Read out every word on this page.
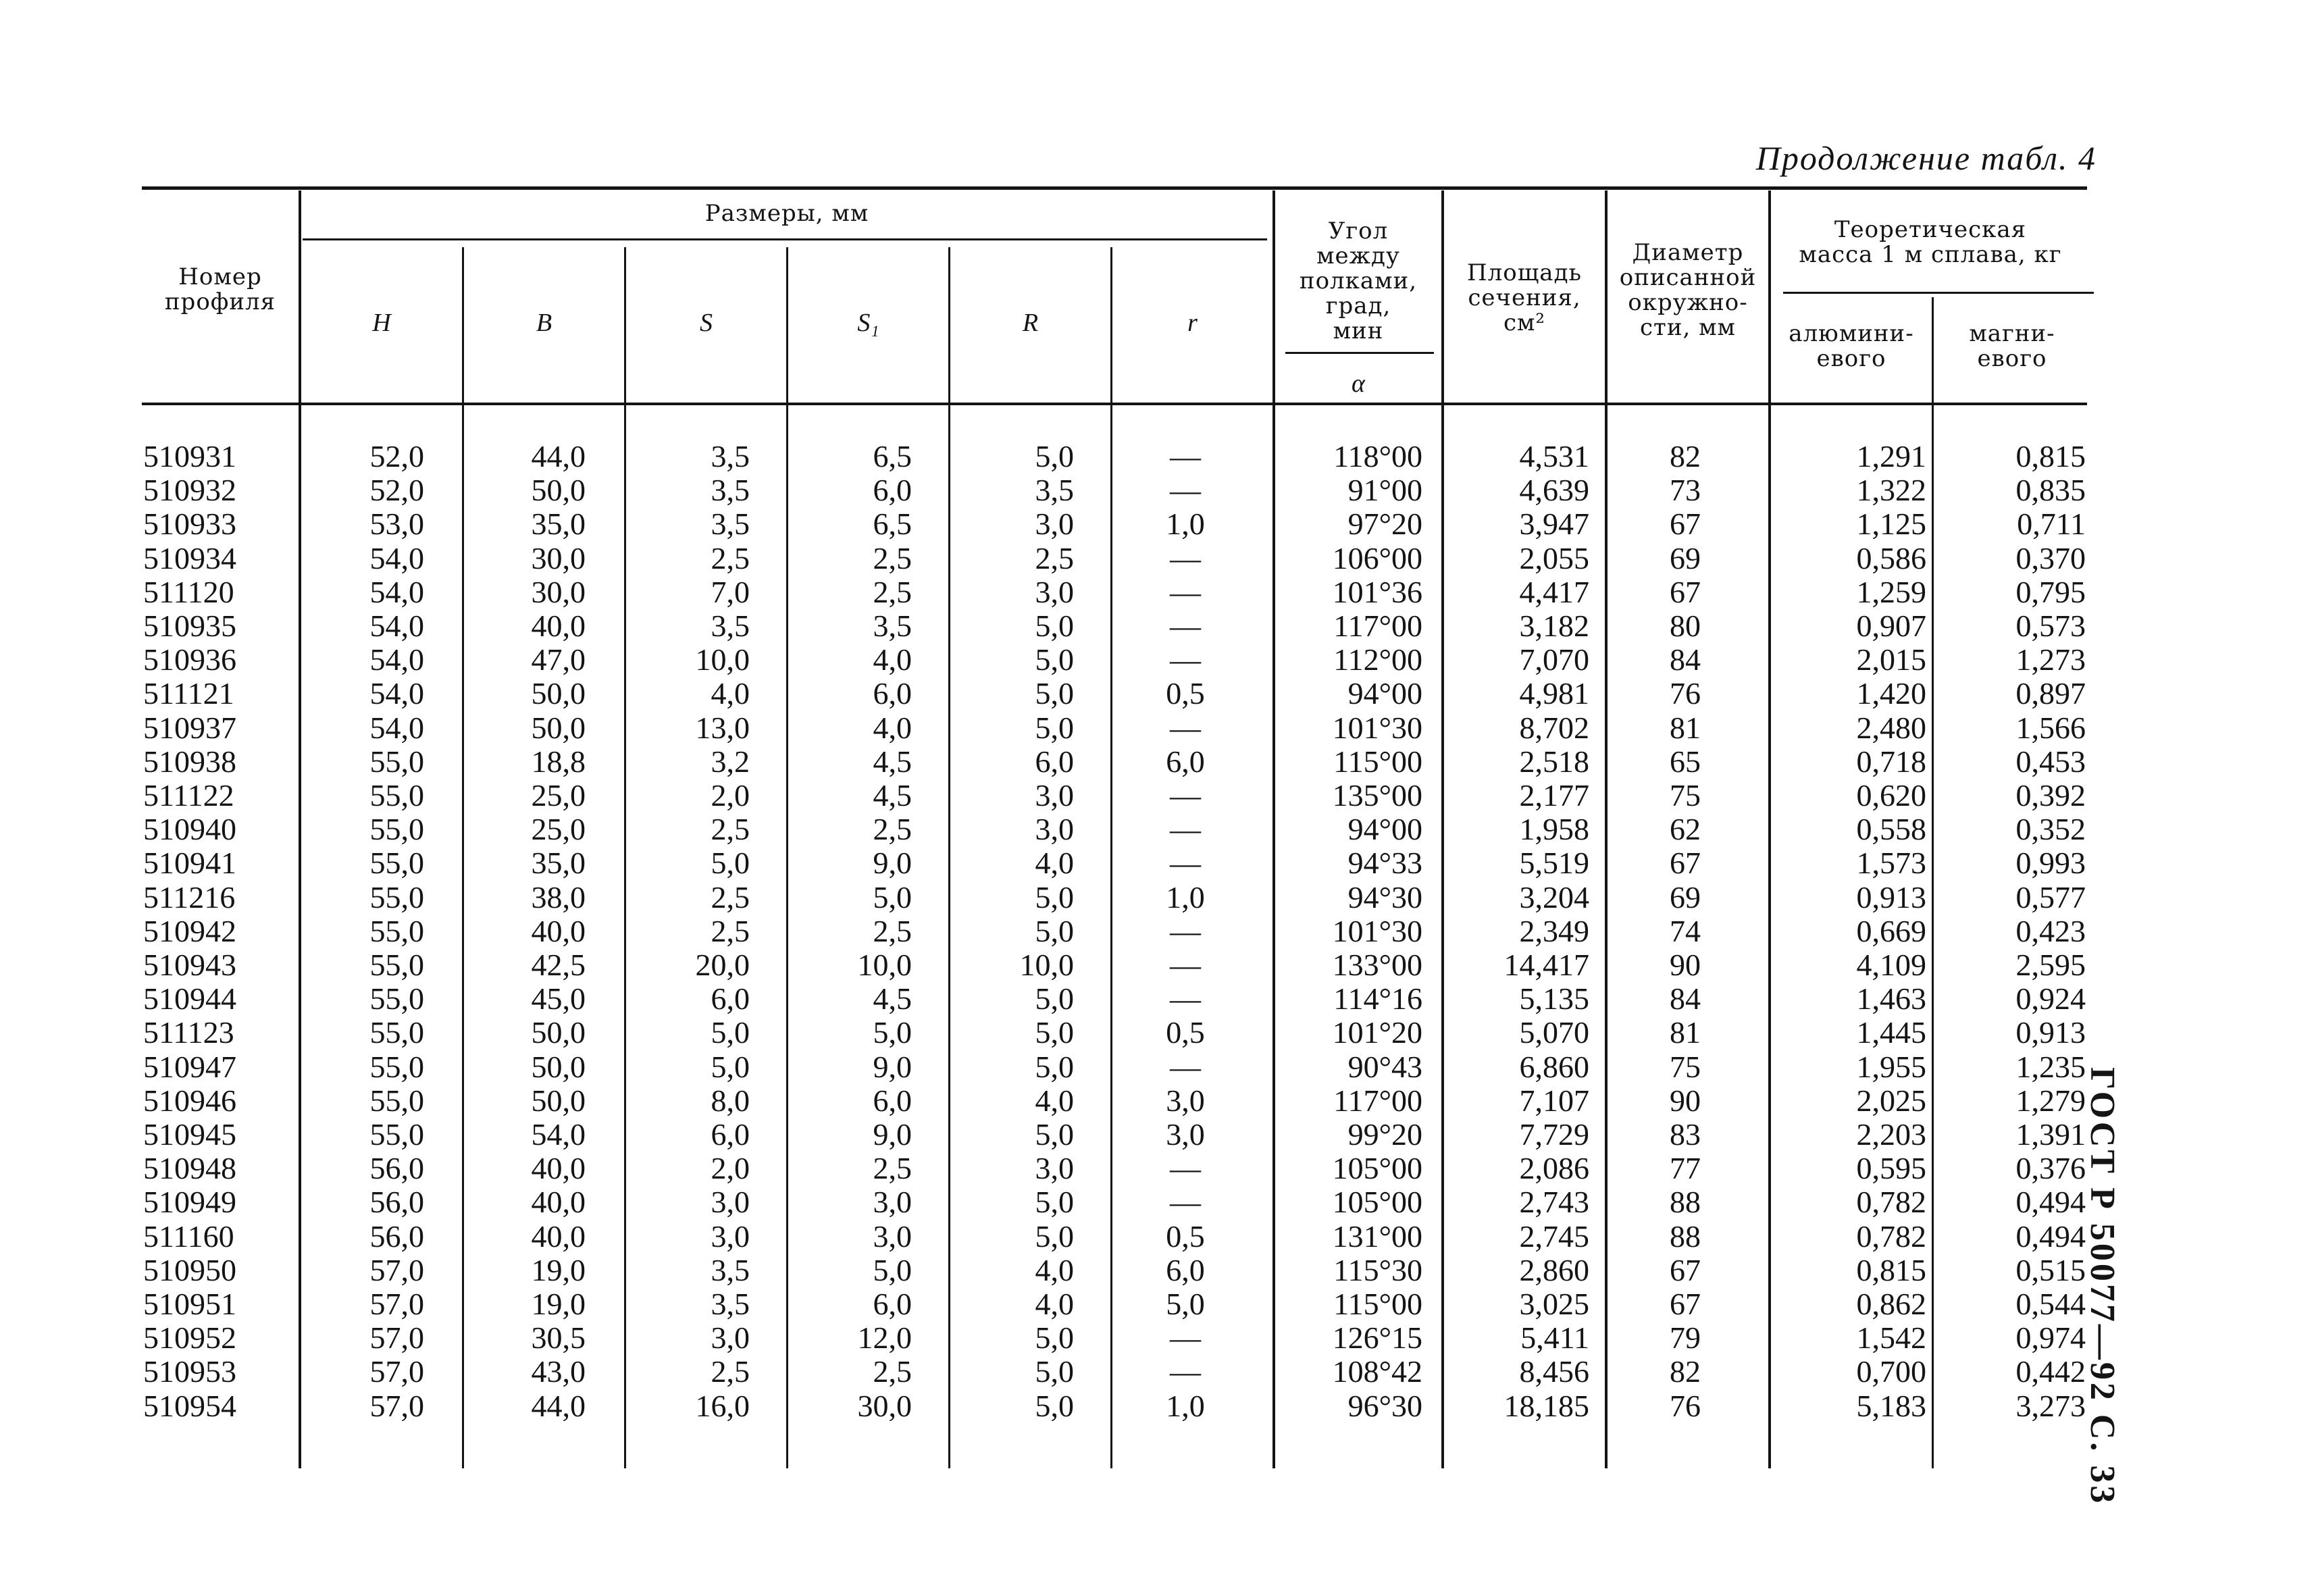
Продолжение табл. 4
ГОСТ Р 50077—92 С. 33
Номер
профиля
Размеры, мм
H	B	S	S₁	R	r
Угол
между
полками,
град,
мин
α
Площадь
сечения,
см²
Диаметр
описанной
окружно-
сти, мм
Теоретическая
масса 1 м сплава, кг
алюмини-
евого
магни-
евого
510931	52,0	44,0	3,5	6,5	5,0	—	118°00	4,531	82	1,291	0,815
510932	52,0	50,0	3,5	6,0	3,5	—	91°00	4,639	73	1,322	0,835
510933	53,0	35,0	3,5	6,5	3,0	1,0	97°20	3,947	67	1,125	0,711
510934	54,0	30,0	2,5	2,5	2,5	—	106°00	2,055	69	0,586	0,370
511120	54,0	30,0	7,0	2,5	3,0	—	101°36	4,417	67	1,259	0,795
510935	54,0	40,0	3,5	3,5	5,0	—	117°00	3,182	80	0,907	0,573
510936	54,0	47,0	10,0	4,0	5,0	—	112°00	7,070	84	2,015	1,273
511121	54,0	50,0	4,0	6,0	5,0	0,5	94°00	4,981	76	1,420	0,897
510937	54,0	50,0	13,0	4,0	5,0	—	101°30	8,702	81	2,480	1,566
510938	55,0	18,8	3,2	4,5	6,0	6,0	115°00	2,518	65	0,718	0,453
511122	55,0	25,0	2,0	4,5	3,0	—	135°00	2,177	75	0,620	0,392
510940	55,0	25,0	2,5	2,5	3,0	—	94°00	1,958	62	0,558	0,352
510941	55,0	35,0	5,0	9,0	4,0	—	94°33	5,519	67	1,573	0,993
511216	55,0	38,0	2,5	5,0	5,0	1,0	94°30	3,204	69	0,913	0,577
510942	55,0	40,0	2,5	2,5	5,0	—	101°30	2,349	74	0,669	0,423
510943	55,0	42,5	20,0	10,0	10,0	—	133°00	14,417	90	4,109	2,595
510944	55,0	45,0	6,0	4,5	5,0	—	114°16	5,135	84	1,463	0,924
511123	55,0	50,0	5,0	5,0	5,0	0,5	101°20	5,070	81	1,445	0,913
510947	55,0	50,0	5,0	9,0	5,0	—	90°43	6,860	75	1,955	1,235
510946	55,0	50,0	8,0	6,0	4,0	3,0	117°00	7,107	90	2,025	1,279
510945	55,0	54,0	6,0	9,0	5,0	3,0	99°20	7,729	83	2,203	1,391
510948	56,0	40,0	2,0	2,5	3,0	—	105°00	2,086	77	0,595	0,376
510949	56,0	40,0	3,0	3,0	5,0	—	105°00	2,743	88	0,782	0,494
511160	56,0	40,0	3,0	3,0	5,0	0,5	131°00	2,745	88	0,782	0,494
510950	57,0	19,0	3,5	5,0	4,0	6,0	115°30	2,860	67	0,815	0,515
510951	57,0	19,0	3,5	6,0	4,0	5,0	115°00	3,025	67	0,862	0,544
510952	57,0	30,5	3,0	12,0	5,0	—	126°15	5,411	79	1,542	0,974
510953	57,0	43,0	2,5	2,5	5,0	—	108°42	8,456	82	0,700	0,442
510954	57,0	44,0	16,0	30,0	5,0	1,0	96°30	18,185	76	5,183	3,273
